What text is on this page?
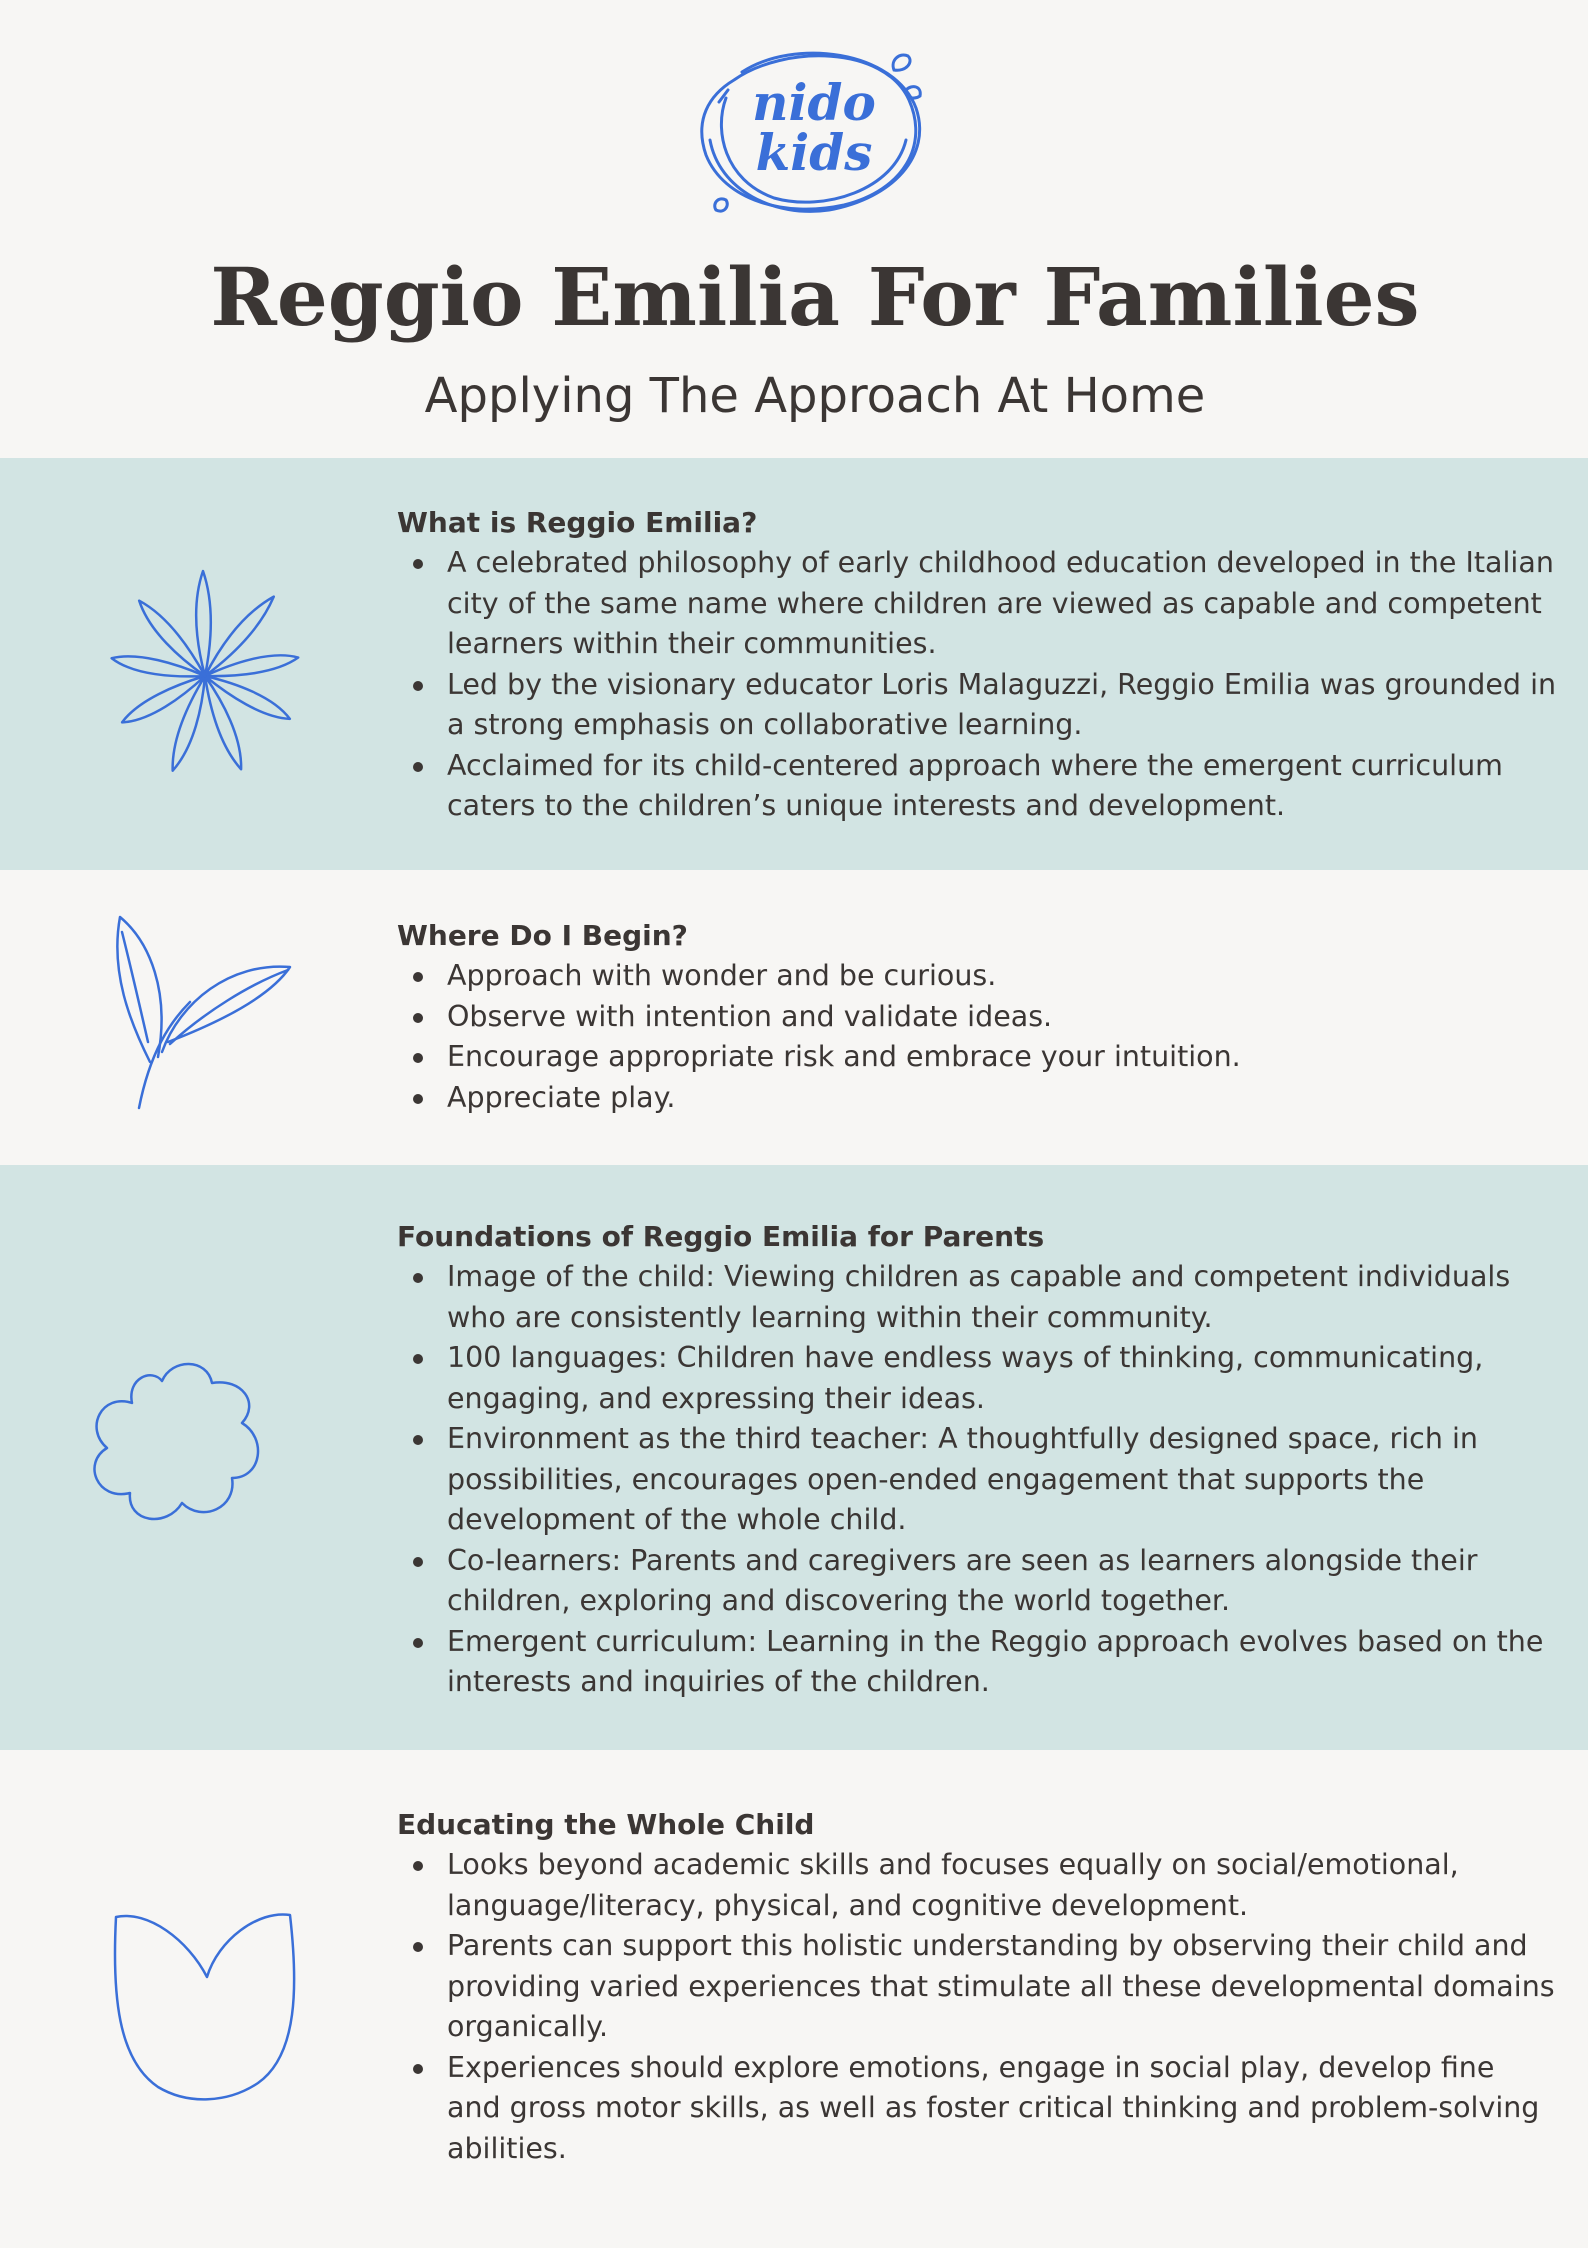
nido
kids
Reggio Emilia For Families
Applying The Approach At Home
What is Reggio Emilia?
A celebrated philosophy of early childhood education developed in the Italian city of the same name where children are viewed as capable and competent learners within their communities.
Led by the visionary educator Loris Malaguzzi, Reggio Emilia was grounded in a strong emphasis on collaborative learning.
Acclaimed for its child-centered approach where the emergent curriculum caters to the children’s unique interests and development.
Where Do I Begin?
Approach with wonder and be curious.
Observe with intention and validate ideas.
Encourage appropriate risk and embrace your intuition.
Appreciate play.
Foundations of Reggio Emilia for Parents
Image of the child: Viewing children as capable and competent individuals who are consistently learning within their community.
100 languages: Children have endless ways of thinking, communicating, engaging, and expressing their ideas.
Environment as the third teacher: A thoughtfully designed space, rich in possibilities, encourages open-ended engagement that supports the development of the whole child.
Co-learners: Parents and caregivers are seen as learners alongside their children, exploring and discovering the world together.
Emergent curriculum: Learning in the Reggio approach evolves based on the interests and inquiries of the children.
Educating the Whole Child
Looks beyond academic skills and focuses equally on social/emotional, language/literacy, physical, and cognitive development.
Parents can support this holistic understanding by observing their child and providing varied experiences that stimulate all these developmental domains organically.
Experiences should explore emotions, engage in social play, develop fine and gross motor skills, as well as foster critical thinking and problem-solving abilities.
